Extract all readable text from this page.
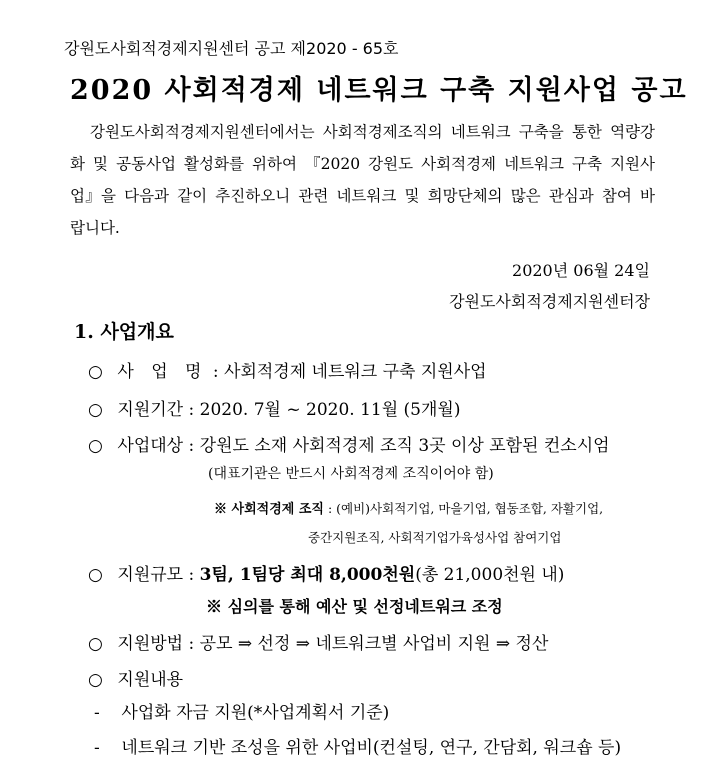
강원도사회적경제지원센터 공고 제2020 - 65호
2020 사회적경제 네트워크 구축 지원사업 공고

강원도사회적경제지원센터에서는 사회적경제조직의 네트워크 구축을 통한 역량강화 및 공동사업 활성화를 위하여 『2020 강원도 사회적경제 네트워크 구축 지원사업』을 다음과 같이 추진하오니 관련 네트워크 및 희망단체의 많은 관심과 참여 바랍니다.

2020년 06월 24일
강원도사회적경제지원센터장
1. 사업개요
○ 사 업 명 : 사회적경제 네트워크 구축 지원사업
○ 지원기간 : 2020. 7월 ~ 2020. 11월 (5개월)
○ 사업대상 : 강원도 소재 사회적경제 조직 3곳 이상 포함된 컨소시엄
(대표기관은 반드시 사회적경제 조직이어야 함)
※ 사회적경제 조직 : (예비)사회적기업, 마을기업, 협동조합, 자활기업,
중간지원조직, 사회적기업가육성사업 참여기업
○ 지원규모 : 3팀, 1팀당 최대 8,000천원(총 21,000천원 내)
※ 심의를 통해 예산 및 선정네트워크 조정
○ 지원방법 : 공모 ⇒ 선정 ⇒ 네트워크별 사업비 지원 ⇒ 정산
○ 지원내용
- 사업화 자금 지원(*사업계획서 기준)
- 네트워크 기반 조성을 위한 사업비(컨설팅, 연구, 간담회, 워크숍 등)
